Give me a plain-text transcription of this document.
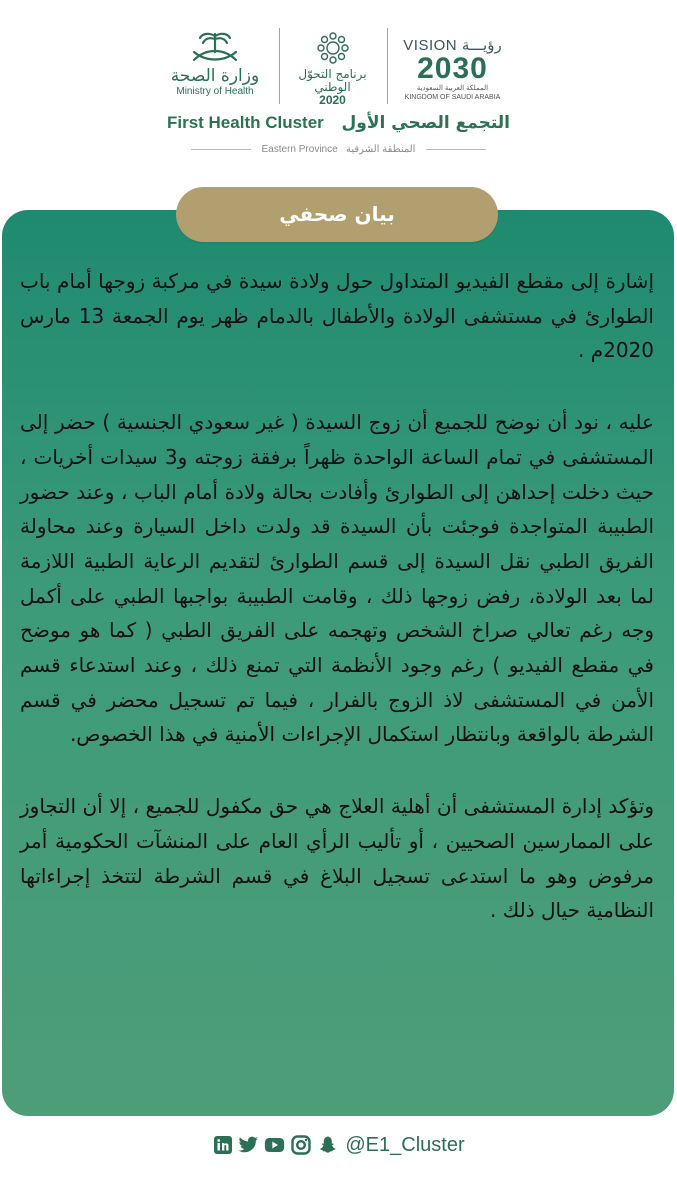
VISION رؤيـــة
2030
المملكة العربية السعودية
KINGDOM OF SAUDI ARABIA
برنامج التحوّل الوطني
2020
وزارة الصحة
Ministry of Health
First Health Cluster التجمع الصحي الأول
Eastern Province المنطقة الشرقية
بيان صحفي

إشارة إلى مقطع الفيديو المتداول حول ولادة سيدة في مركبة زوجها أمام باب الطوارئ في مستشفى الولادة والأطفال بالدمام ظهر يوم الجمعة 13 مارس 2020م .

عليه ، نود أن نوضح للجميع أن زوج السيدة ( غير سعودي الجنسية ) حضر إلى المستشفى في تمام الساعة الواحدة ظهراً برفقة زوجته و3 سيدات أخريات ، حيث دخلت إحداهن إلى الطوارئ وأفادت بحالة ولادة أمام الباب ، وعند حضور الطبيبة المتواجدة فوجئت بأن السيدة قد ولدت داخل السيارة وعند محاولة الفريق الطبي نقل السيدة إلى قسم الطوارئ لتقديم الرعاية الطبية اللازمة لما بعد الولادة، رفض زوجها ذلك ، وقامت الطبيبة بواجبها الطبي على أكمل وجه رغم تعالي صراخ الشخص وتهجمه على الفريق الطبي ( كما هو موضح في مقطع الفيديو ) رغم وجود الأنظمة التي تمنع ذلك ، وعند استدعاء قسم الأمن في المستشفى لاذ الزوج بالفرار ، فيما تم تسجيل محضر في قسم الشرطة بالواقعة وبانتظار استكمال الإجراءات الأمنية في هذا الخصوص.

وتؤكد إدارة المستشفى أن أهلية العلاج هي حق مكفول للجميع ، إلا أن التجاوز على الممارسين الصحيين ، أو تأليب الرأي العام على المنشآت الحكومية أمر مرفوض وهو ما استدعى تسجيل البلاغ في قسم الشرطة لتتخذ إجراءاتها النظامية حيال ذلك .

@E1_Cluster
